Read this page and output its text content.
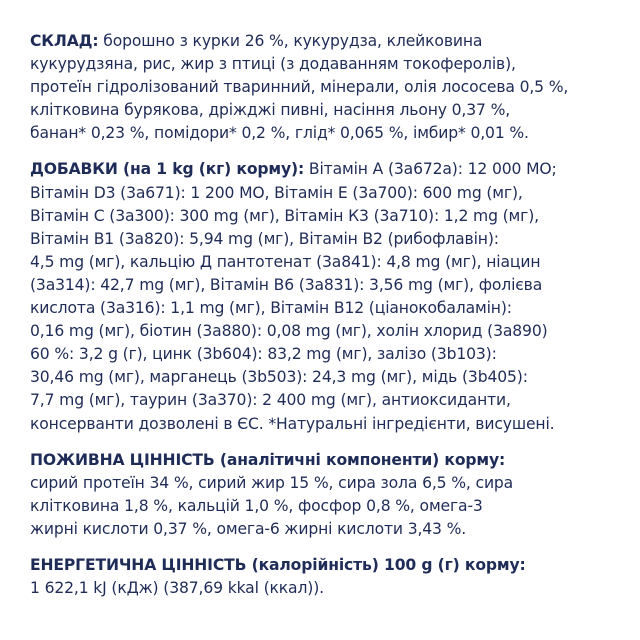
СКЛАД: борошно з курки 26 %, кукурудза, клейковина
кукурудзяна, рис, жир з птиці (з додаванням токоферолів),
протеїн гідролізований тваринний, мінерали, олія лососева 0,5 %,
клітковина бурякова, дріжджі пивні, насіння льону 0,37 %,
банан* 0,23 %, помідори* 0,2 %, глід* 0,065 %, імбир* 0,01 %.

ДОБАВКИ (на 1 kg (кг) корму): Вітамін А (3а672а): 12 000 МО;
Вітамін D3 (3а671): 1 200 МО, Вітамін Е (3а700): 600 mg (мг),
Вітамін С (3а300): 300 mg (мг), Вітамін К3 (3а710): 1,2 mg (мг),
Вітамін В1 (3а820): 5,94 mg (мг), Вітамін В2 (рибофлавін):
4,5 mg (мг), кальцію Д пантотенат (3а841): 4,8 mg (мг), ніацин
(3а314): 42,7 mg (мг), Вітамін В6 (3а831): 3,56 mg (мг), фолієва
кислота (3а316): 1,1 mg (мг), Вітамін В12 (ціанокобаламін):
0,16 mg (мг), біотин (3а880): 0,08 mg (мг), холін хлорид (3а890)
60 %: 3,2 g (г), цинк (3b604): 83,2 mg (мг), залізо (3b103):
30,46 mg (мг), марганець (3b503): 24,3 mg (мг), мідь (3b405):
7,7 mg (мг), таурин (3а370): 2 400 mg (мг), антиоксиданти,
консерванти дозволені в ЄС. *Натуральні інгредієнти, висушені.

ПОЖИВНА ЦІННІСТЬ (аналітичні компоненти) корму:
сирий протеїн 34 %, сирий жир 15 %, сира зола 6,5 %, сира
клітковина 1,8 %, кальцій 1,0 %, фосфор 0,8 %, омега-3
жирні кислоти 0,37 %, омега-6 жирні кислоти 3,43 %.

ЕНЕРГЕТИЧНА ЦІННІСТЬ (калорійність) 100 g (г) корму:
1 622,1 kJ (кДж) (387,69 kkal (ккал)).
